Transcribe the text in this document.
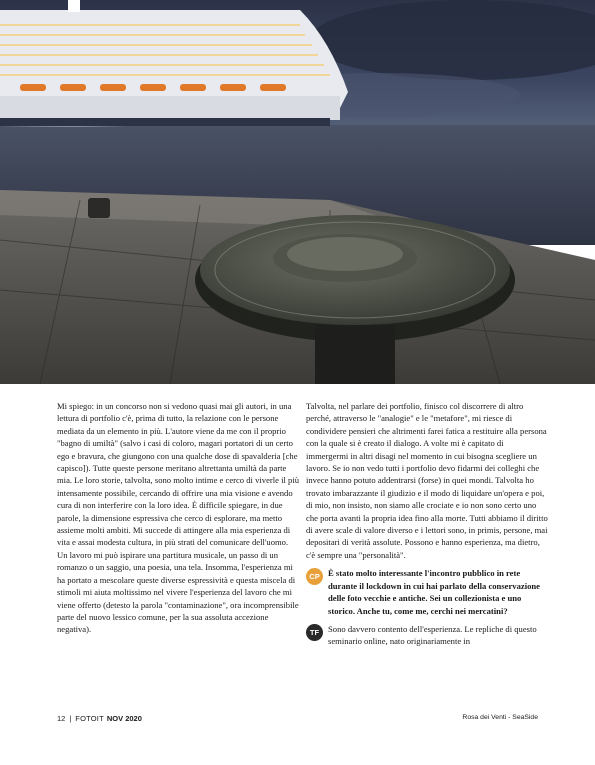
Mi spiego: in un concorso non si vedono quasi mai gli autori, in una lettura di portfolio c'è, prima di tutto, la relazione con le persone mediata da un elemento in più. L'autore viene da me con il proprio "bagno di umiltà" (salvo i casi di coloro, magari portatori di un certo ego e bravura, che giungono con una qualche dose di spavalderia [che capisco]). Tutte queste persone meritano altrettanta umiltà da parte mia. Le loro storie, talvolta, sono molto intime e cerco di viverle il più intensamente possibile, cercando di offrire una mia visione e avendo cura di non interferire con la loro idea. È difficile spiegare, in due parole, la dimensione espressiva che cerco di esplorare, ma metto assieme molti ambiti. Mi succede di attingere alla mia esperienza di vita e assai modesta cultura, in più strati del comunicare dell'uomo.

Un lavoro mi può ispirare una partitura musicale, un passo di un romanzo o un saggio, una poesia, una tela. Insomma, l'esperienza mi ha portato a mescolare queste diverse espressività e questa miscela di stimoli mi aiuta moltissimo nel vivere l'esperienza del lavoro che mi viene offerto (detesto la parola "contaminazione", ora incomprensibile parte del nuovo lessico comune, per la sua assoluta accezione negativa).

Talvolta, nel parlare dei portfolio, finisco col discorrere di altro perché, attraverso le "analogie" e le "metafore", mi riesce di condividere pensieri che altrimenti farei fatica a restituire alla persona con la quale si è creato il dialogo. A volte mi è capitato di immergermi in altri disagi nel momento in cui bisogna scegliere un lavoro. Se io non vedo tutti i portfolio devo fidarmi dei colleghi che invece hanno potuto addentrarsi (forse) in quei mondi. Talvolta ho trovato imbarazzante il giudizio e il modo di liquidare un'opera e poi, di mio, non insisto, non siamo alle crociate e io non sono certo uno che porta avanti la propria idea fino alla morte. Tutti abbiamo il diritto di avere scale di valore diverso e i lettori sono, in primis, persone, mai depositari di verità assolute. Possono e hanno esperienza, ma dietro, c'è sempre una "personalità".

CP È stato molto interessante l'incontro pubblico in rete durante il lockdown in cui hai parlato della conservazione delle foto vecchie e antiche. Sei un collezionista e uno storico. Anche tu, come me, cerchi nei mercatini?
TF	Sono davvero contento dell'esperienza. Le repliche di questo seminario online, nato originariamente in
12 | FOTOIT NOV 2020	Rosa dei Venti - SeaSide
